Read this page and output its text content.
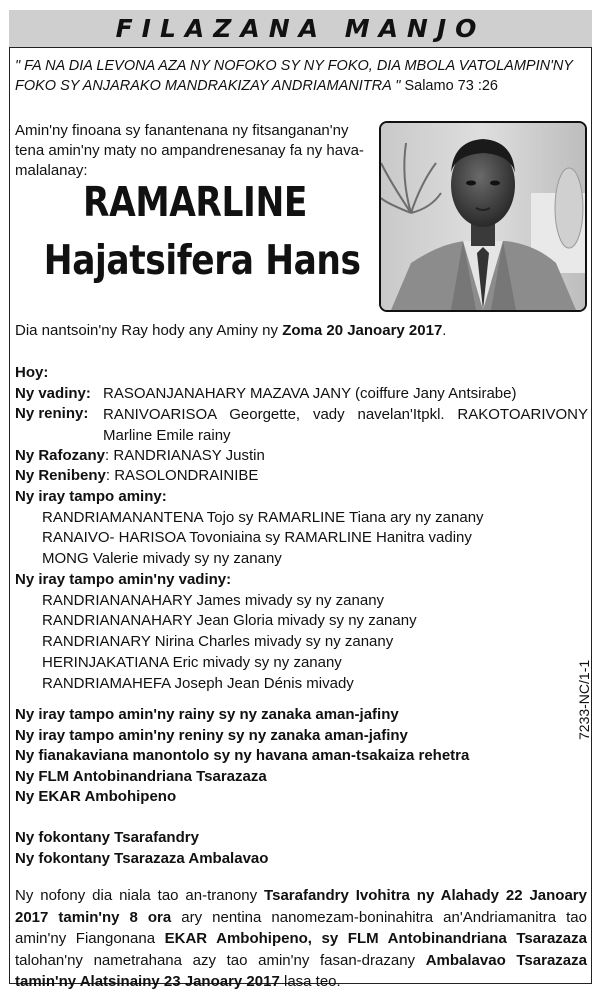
FILAZANA MANJO
" FA NA DIA LEVONA AZA NY NOFOKO SY NY FOKO, DIA MBOLA VATOLAMPIN'NY FOKO SY ANJARAKO MANDRAKIZAY ANDRIAMANITRA " Salamo 73 :26
Amin'ny finoana sy fanantenana ny fitsanganan'ny tena amin'ny maty no ampandrenesanay fa ny hava-malalanay:
RAMARLINE
Hajatsifera Hans
Dia nantsoin'ny Ray hody any Aminy ny Zoma 20 Janoary 2017.
Hoy:
Ny vadiny: RASOANJANAHARY MAZAVA JANY (coiffure Jany Antsirabe)
Ny reniny: RANIVOARISOA Georgette, vady navelan'Itpkl. RAKOTOARIVONY Marline Emile rainy
Ny Rafozany: RANDRIANASY Justin
Ny Renibeny: RASOLONDRAINIBE
Ny iray tampo aminy:
RANDRIAMANANTENA Tojo sy RAMARLINE Tiana ary ny zanany
RANAIVO- HARISOA Tovoniaina sy RAMARLINE Hanitra vadiny
MONG Valerie mivady sy ny zanany
Ny iray tampo amin'ny vadiny:
RANDRIANANAHARY James mivady sy ny zanany
RANDRIANANAHARY Jean Gloria mivady sy ny zanany
RANDRIANARY Nirina Charles mivady sy ny zanany
HERINJAKATIANA Eric mivady sy ny zanany
RANDRIAMAHEFA Joseph Jean Dénis mivady
Ny iray tampo amin'ny rainy sy ny zanaka aman-jafiny
Ny iray tampo amin'ny reniny sy ny zanaka aman-jafiny
Ny fianakaviana manontolo sy ny havana aman-tsakaiza rehetra
Ny FLM Antobinandriana Tsarazaza
Ny EKAR Ambohipeno
Ny fokontany Tsarafandry
Ny fokontany Tsarazaza Ambalavao
7233-NC/1-1
Ny nofony dia niala tao an-tranony Tsarafandry Ivohitra ny Alahady 22 Janoary 2017 tamin'ny 8 ora ary nentina nanomezam-boninahitra an'Andriamanitra tao amin'ny Fiangonana EKAR Ambohipeno, sy FLM Antobinandriana Tsarazaza talohan'ny nametrahana azy tao amin'ny fasan-drazany Ambalavao Tsarazaza tamin'ny Alatsinainy 23 Janoary 2017 lasa teo.
